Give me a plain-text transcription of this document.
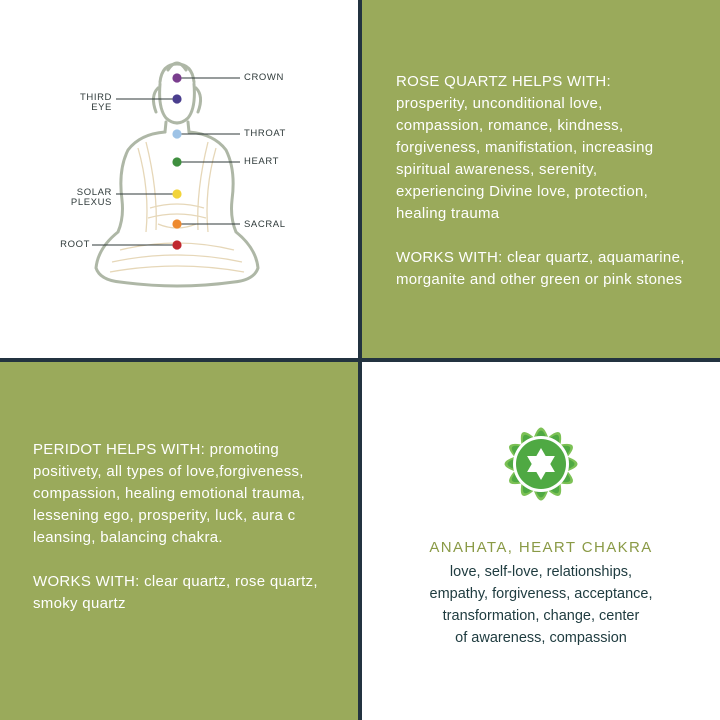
CROWN
THIRD
EYE
THROAT
HEART
SOLAR
PLEXUS
SACRAL
ROOT

ROSE QUARTZ HELPS WITH:

prosperity, unconditional love,

compassion, romance, kindness,

forgiveness, manifistation, increasing

spiritual awareness, serenity,

experiencing Divine love, protection,

healing trauma

WORKS WITH: clear quartz, aquamarine,

morganite and other green or pink stones

PERIDOT HELPS WITH: promoting

positivety, all types of love,forgiveness,

compassion, healing emotional trauma,

lessening ego, prosperity, luck, aura c

leansing, balancing chakra.

WORKS WITH: clear quartz, rose quartz,

smoky quartz

ANAHATA, HEART CHAKRA
love, self-love, relationships,
empathy, forgiveness, acceptance,
transformation, change, center
of awareness, compassion
